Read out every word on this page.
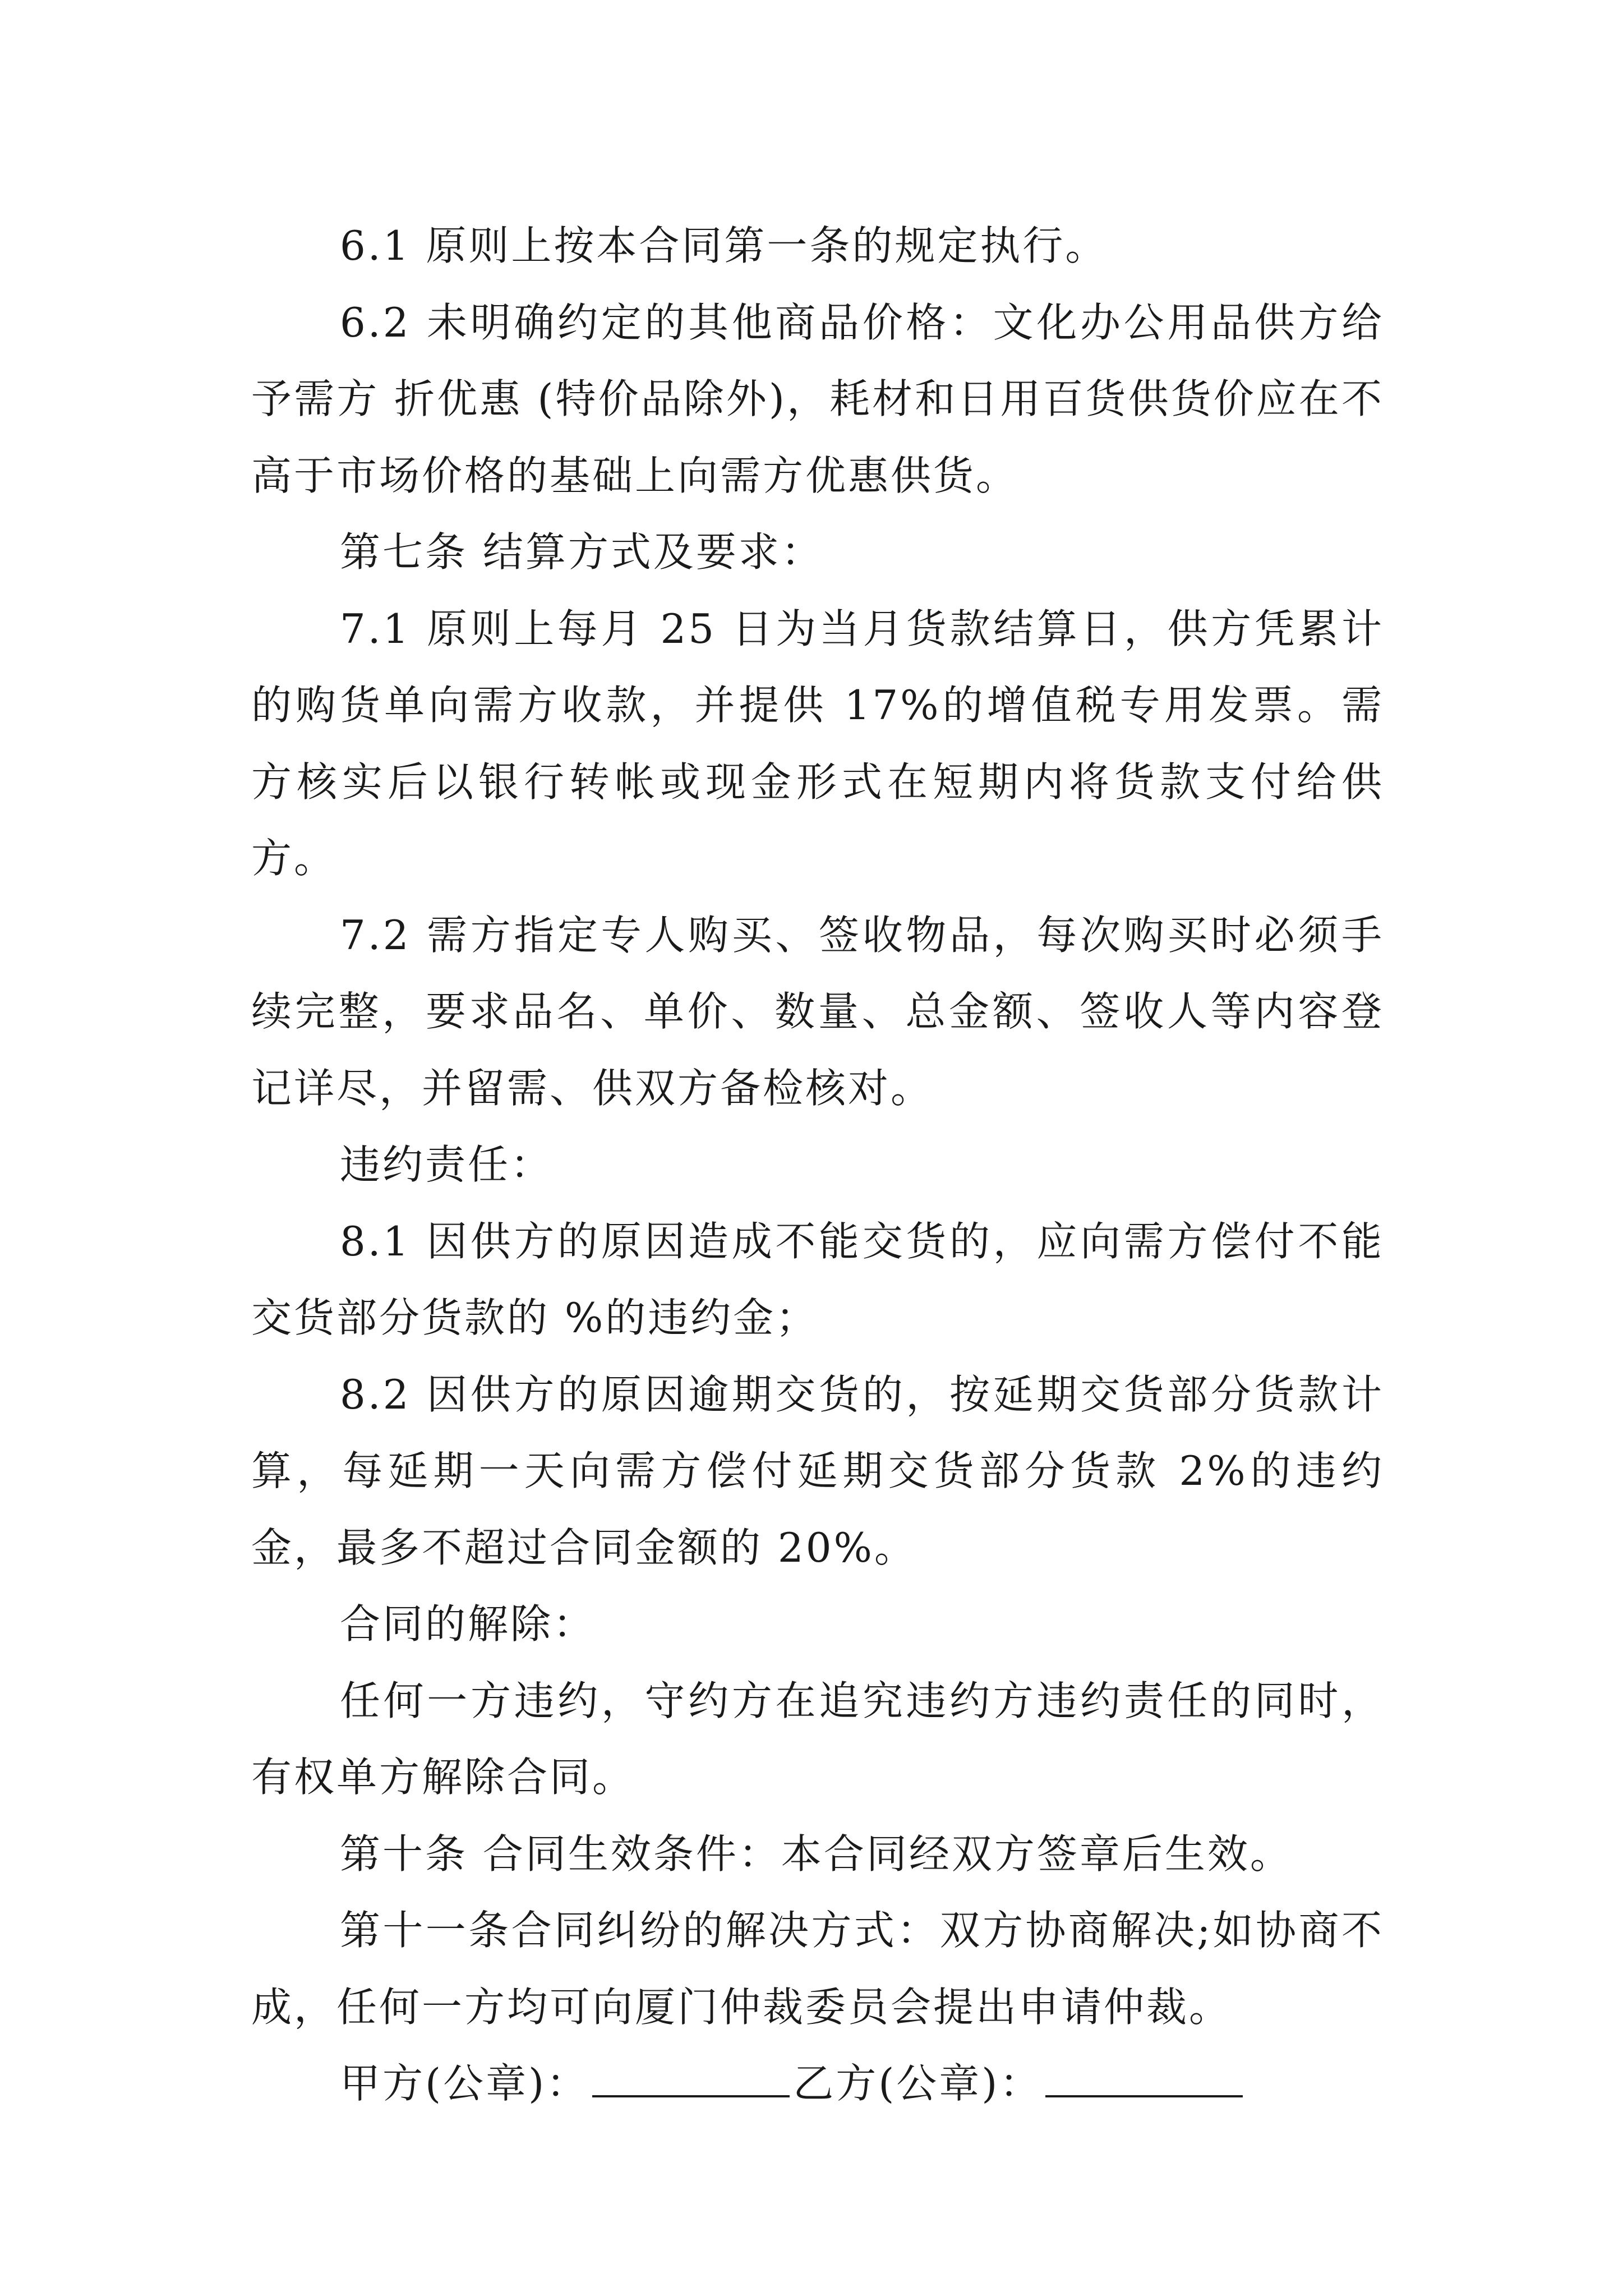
6.1 原则上按本合同第一条的规定执行。

6.2 未明确约定的其他商品价格：文化办公用品供方给予需方 折优惠 (特价品除外)，耗材和日用百货供货价应在不高于市场价格的基础上向需方优惠供货。

第七条 结算方式及要求：

7.1 原则上每月 25 日为当月货款结算日，供方凭累计的购货单向需方收款，并提供 17%的增值税专用发票。需方核实后以银行转帐或现金形式在短期内将货款支付给供方。

7.2 需方指定专人购买、签收物品，每次购买时必须手续完整，要求品名、单价、数量、总金额、签收人等内容登记详尽，并留需、供双方备检核对。

违约责任：

8.1 因供方的原因造成不能交货的，应向需方偿付不能交货部分货款的 %的违约金；

8.2 因供方的原因逾期交货的，按延期交货部分货款计算，每延期一天向需方偿付延期交货部分货款 2%的违约金，最多不超过合同金额的 20%。

合同的解除：

任何一方违约，守约方在追究违约方违约责任的同时，有权单方解除合同。

第十条 合同生效条件：本合同经双方签章后生效。

第十一条合同纠纷的解决方式：双方协商解决;如协商不成，任何一方均可向厦门仲裁委员会提出申请仲裁。

甲方(公章)：	乙方(公章)：
